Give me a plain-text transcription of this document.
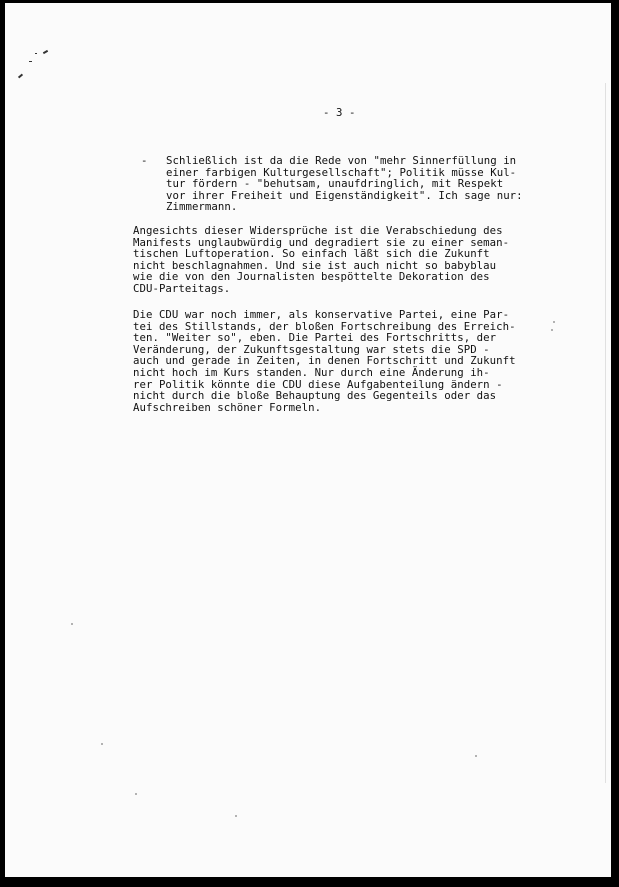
- 3 -
- Schließlich ist da die Rede von "mehr Sinnerfüllung in
einer farbigen Kulturgesellschaft"; Politik müsse Kul-
tur fördern - "behutsam, unaufdringlich, mit Respekt
vor ihrer Freiheit und Eigenständigkeit". Ich sage nur:
Zimmermann.
Angesichts dieser Widersprüche ist die Verabschiedung des
Manifests unglaubwürdig und degradiert sie zu einer seman-
tischen Luftoperation. So einfach läßt sich die Zukunft
nicht beschlagnahmen. Und sie ist auch nicht so babyblau
wie die von den Journalisten bespöttelte Dekoration des
CDU-Parteitags.
Die CDU war noch immer, als konservative Partei, eine Par-
tei des Stillstands, der bloßen Fortschreibung des Erreich-
ten. "Weiter so", eben. Die Partei des Fortschritts, der
Veränderung, der Zukunftsgestaltung war stets die SPD -
auch und gerade in Zeiten, in denen Fortschritt und Zukunft
nicht hoch im Kurs standen. Nur durch eine Änderung ih-
rer Politik könnte die CDU diese Aufgabenteilung ändern -
nicht durch die bloße Behauptung des Gegenteils oder das
Aufschreiben schöner Formeln.
